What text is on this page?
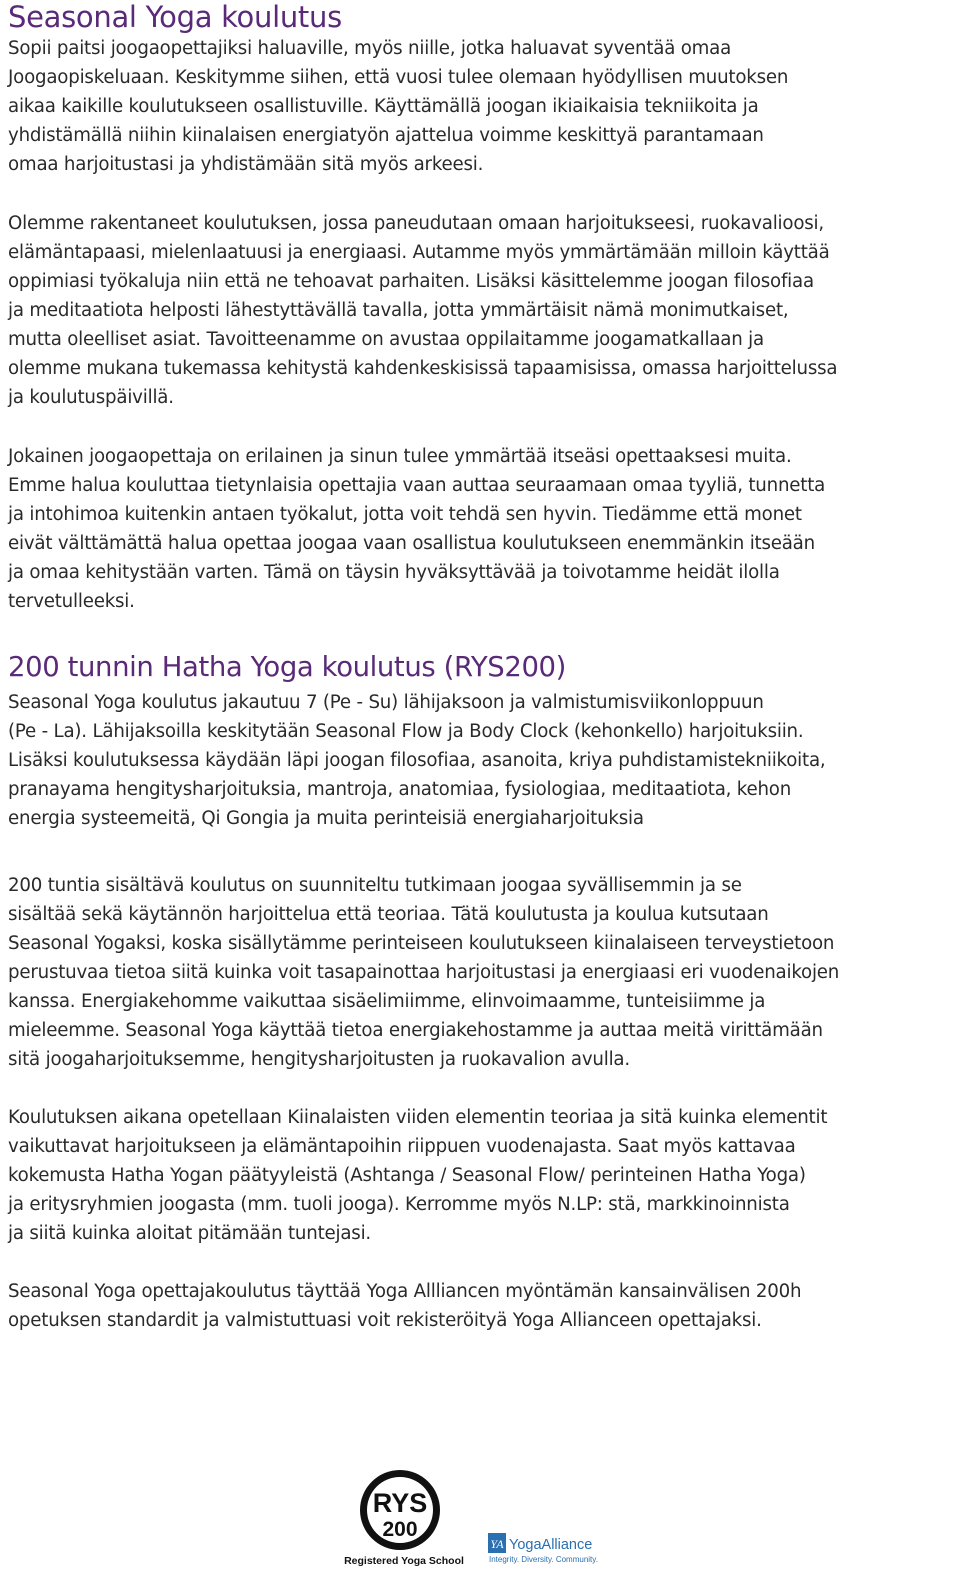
Seasonal Yoga koulutus

Sopii paitsi joogaopettajiksi haluaville, myös niille, jotka haluavat syventää omaa
Joogaopiskeluaan. Keskitymme siihen, että vuosi tulee olemaan hyödyllisen muutoksen
aikaa kaikille koulutukseen osallistuville. Käyttämällä joogan ikiaikaisia tekniikoita ja
yhdistämällä niihin kiinalaisen energiatyön ajattelua voimme keskittyä parantamaan
omaa harjoitustasi ja yhdistämään sitä myös arkeesi.

Olemme rakentaneet koulutuksen, jossa paneudutaan omaan harjoitukseesi, ruokavalioosi,
elämäntapaasi, mielenlaatuusi ja energiaasi. Autamme myös ymmärtämään milloin käyttää
oppimiasi työkaluja niin että ne tehoavat parhaiten. Lisäksi käsittelemme joogan filosofiaa
ja meditaatiota helposti lähestyttävällä tavalla, jotta ymmärtäisit nämä monimutkaiset,
mutta oleelliset asiat. Tavoitteenamme on avustaa oppilaitamme joogamatkallaan ja
olemme mukana tukemassa kehitystä kahdenkeskisissä tapaamisissa, omassa harjoittelussa
ja koulutuspäivillä.

Jokainen joogaopettaja on erilainen ja sinun tulee ymmärtää itseäsi opettaaksesi muita.
Emme halua kouluttaa tietynlaisia opettajia vaan auttaa seuraamaan omaa tyyliä, tunnetta
ja intohimoa kuitenkin antaen työkalut, jotta voit tehdä sen hyvin. Tiedämme että monet
eivät välttämättä halua opettaa joogaa vaan osallistua koulutukseen enemmänkin itseään
ja omaa kehitystään varten. Tämä on täysin hyväksyttävää ja toivotamme heidät ilolla
tervetulleeksi.

200 tunnin Hatha Yoga koulutus (RYS200)

Seasonal Yoga koulutus jakautuu 7 (Pe - Su) lähijaksoon ja valmistumisviikonloppuun
(Pe - La). Lähijaksoilla keskitytään Seasonal Flow ja Body Clock (kehonkello) harjoituksiin.
Lisäksi koulutuksessa käydään läpi joogan filosofiaa, asanoita, kriya puhdistamistekniikoita,
pranayama hengitysharjoituksia, mantroja, anatomiaa, fysiologiaa, meditaatiota, kehon
energia systeemeitä, Qi Gongia ja muita perinteisiä energiaharjoituksia

200 tuntia sisältävä koulutus on suunniteltu tutkimaan joogaa syvällisemmin ja se
sisältää sekä käytännön harjoittelua että teoriaa. Tätä koulutusta ja koulua kutsutaan
Seasonal Yogaksi, koska sisällytämme perinteiseen koulutukseen kiinalaiseen terveystietoon
perustuvaa tietoa siitä kuinka voit tasapainottaa harjoitustasi ja energiaasi eri vuodenaikojen
kanssa. Energiakehomme vaikuttaa sisäelimiimme, elinvoimaamme, tunteisiimme ja
mieleemme. Seasonal Yoga käyttää tietoa energiakehostamme ja auttaa meitä virittämään
sitä joogaharjoituksemme, hengitysharjoitusten ja ruokavalion avulla.

Koulutuksen aikana opetellaan Kiinalaisten viiden elementin teoriaa ja sitä kuinka elementit
vaikuttavat harjoitukseen ja elämäntapoihin riippuen vuodenajasta. Saat myös kattavaa
kokemusta Hatha Yogan päätyyleistä (Ashtanga / Seasonal Flow/ perinteinen Hatha Yoga)
ja eritysryhmien joogasta (mm. tuoli jooga). Kerromme myös N.LP: stä, markkinoinnista
ja siitä kuinka aloitat pitämään tuntejasi.

Seasonal Yoga opettajakoulutus täyttää Yoga Allliancen myöntämän kansainvälisen 200h
opetuksen standardit ja valmistuttuasi voit rekisteröityä Yoga Allianceen opettajaksi.

RYS
200
Registered Yoga School
YA YogaAlliance
Integrity. Diversity. Community.
